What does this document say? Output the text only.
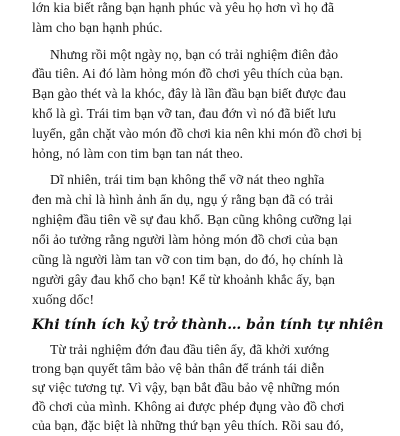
lớn kia biết rằng bạn hạnh phúc và yêu họ hơn vì họ đã

làm cho bạn hạnh phúc.

Nhưng rồi một ngày nọ, bạn có trải nghiệm điên đảo

đầu tiên. Ai đó làm hỏng món đồ chơi yêu thích của bạn.

Bạn gào thét và la khóc, đây là lần đầu bạn biết được đau

khổ là gì. Trái tim bạn vỡ tan, đau đớn vì nó đã biết lưu

luyến, gắn chặt vào món đồ chơi kia nên khi món đồ chơi bị

hỏng, nó làm con tim bạn tan nát theo.

Dĩ nhiên, trái tim bạn không thể vỡ nát theo nghĩa

đen mà chỉ là hình ảnh ẩn dụ, ngụ ý rằng bạn đã có trải

nghiệm đầu tiên về sự đau khổ. Bạn cũng không cưỡng lại

nổi ảo tưởng rằng người làm hỏng món đồ chơi của bạn

cũng là người làm tan vỡ con tim bạn, do đó, họ chính là

người gây đau khổ cho bạn! Kể từ khoảnh khắc ấy, bạn

xuống dốc!

Khi tính ích kỷ trở thành… bản tính tự nhiên

Từ trải nghiệm đớn đau đầu tiên ấy, đã khởi xướng

trong bạn quyết tâm bảo vệ bản thân để tránh tái diễn

sự việc tương tự. Vì vậy, bạn bắt đầu bảo vệ những món

đồ chơi của mình. Không ai được phép đụng vào đồ chơi

của bạn, đặc biệt là những thứ bạn yêu thích. Rồi sau đó,
